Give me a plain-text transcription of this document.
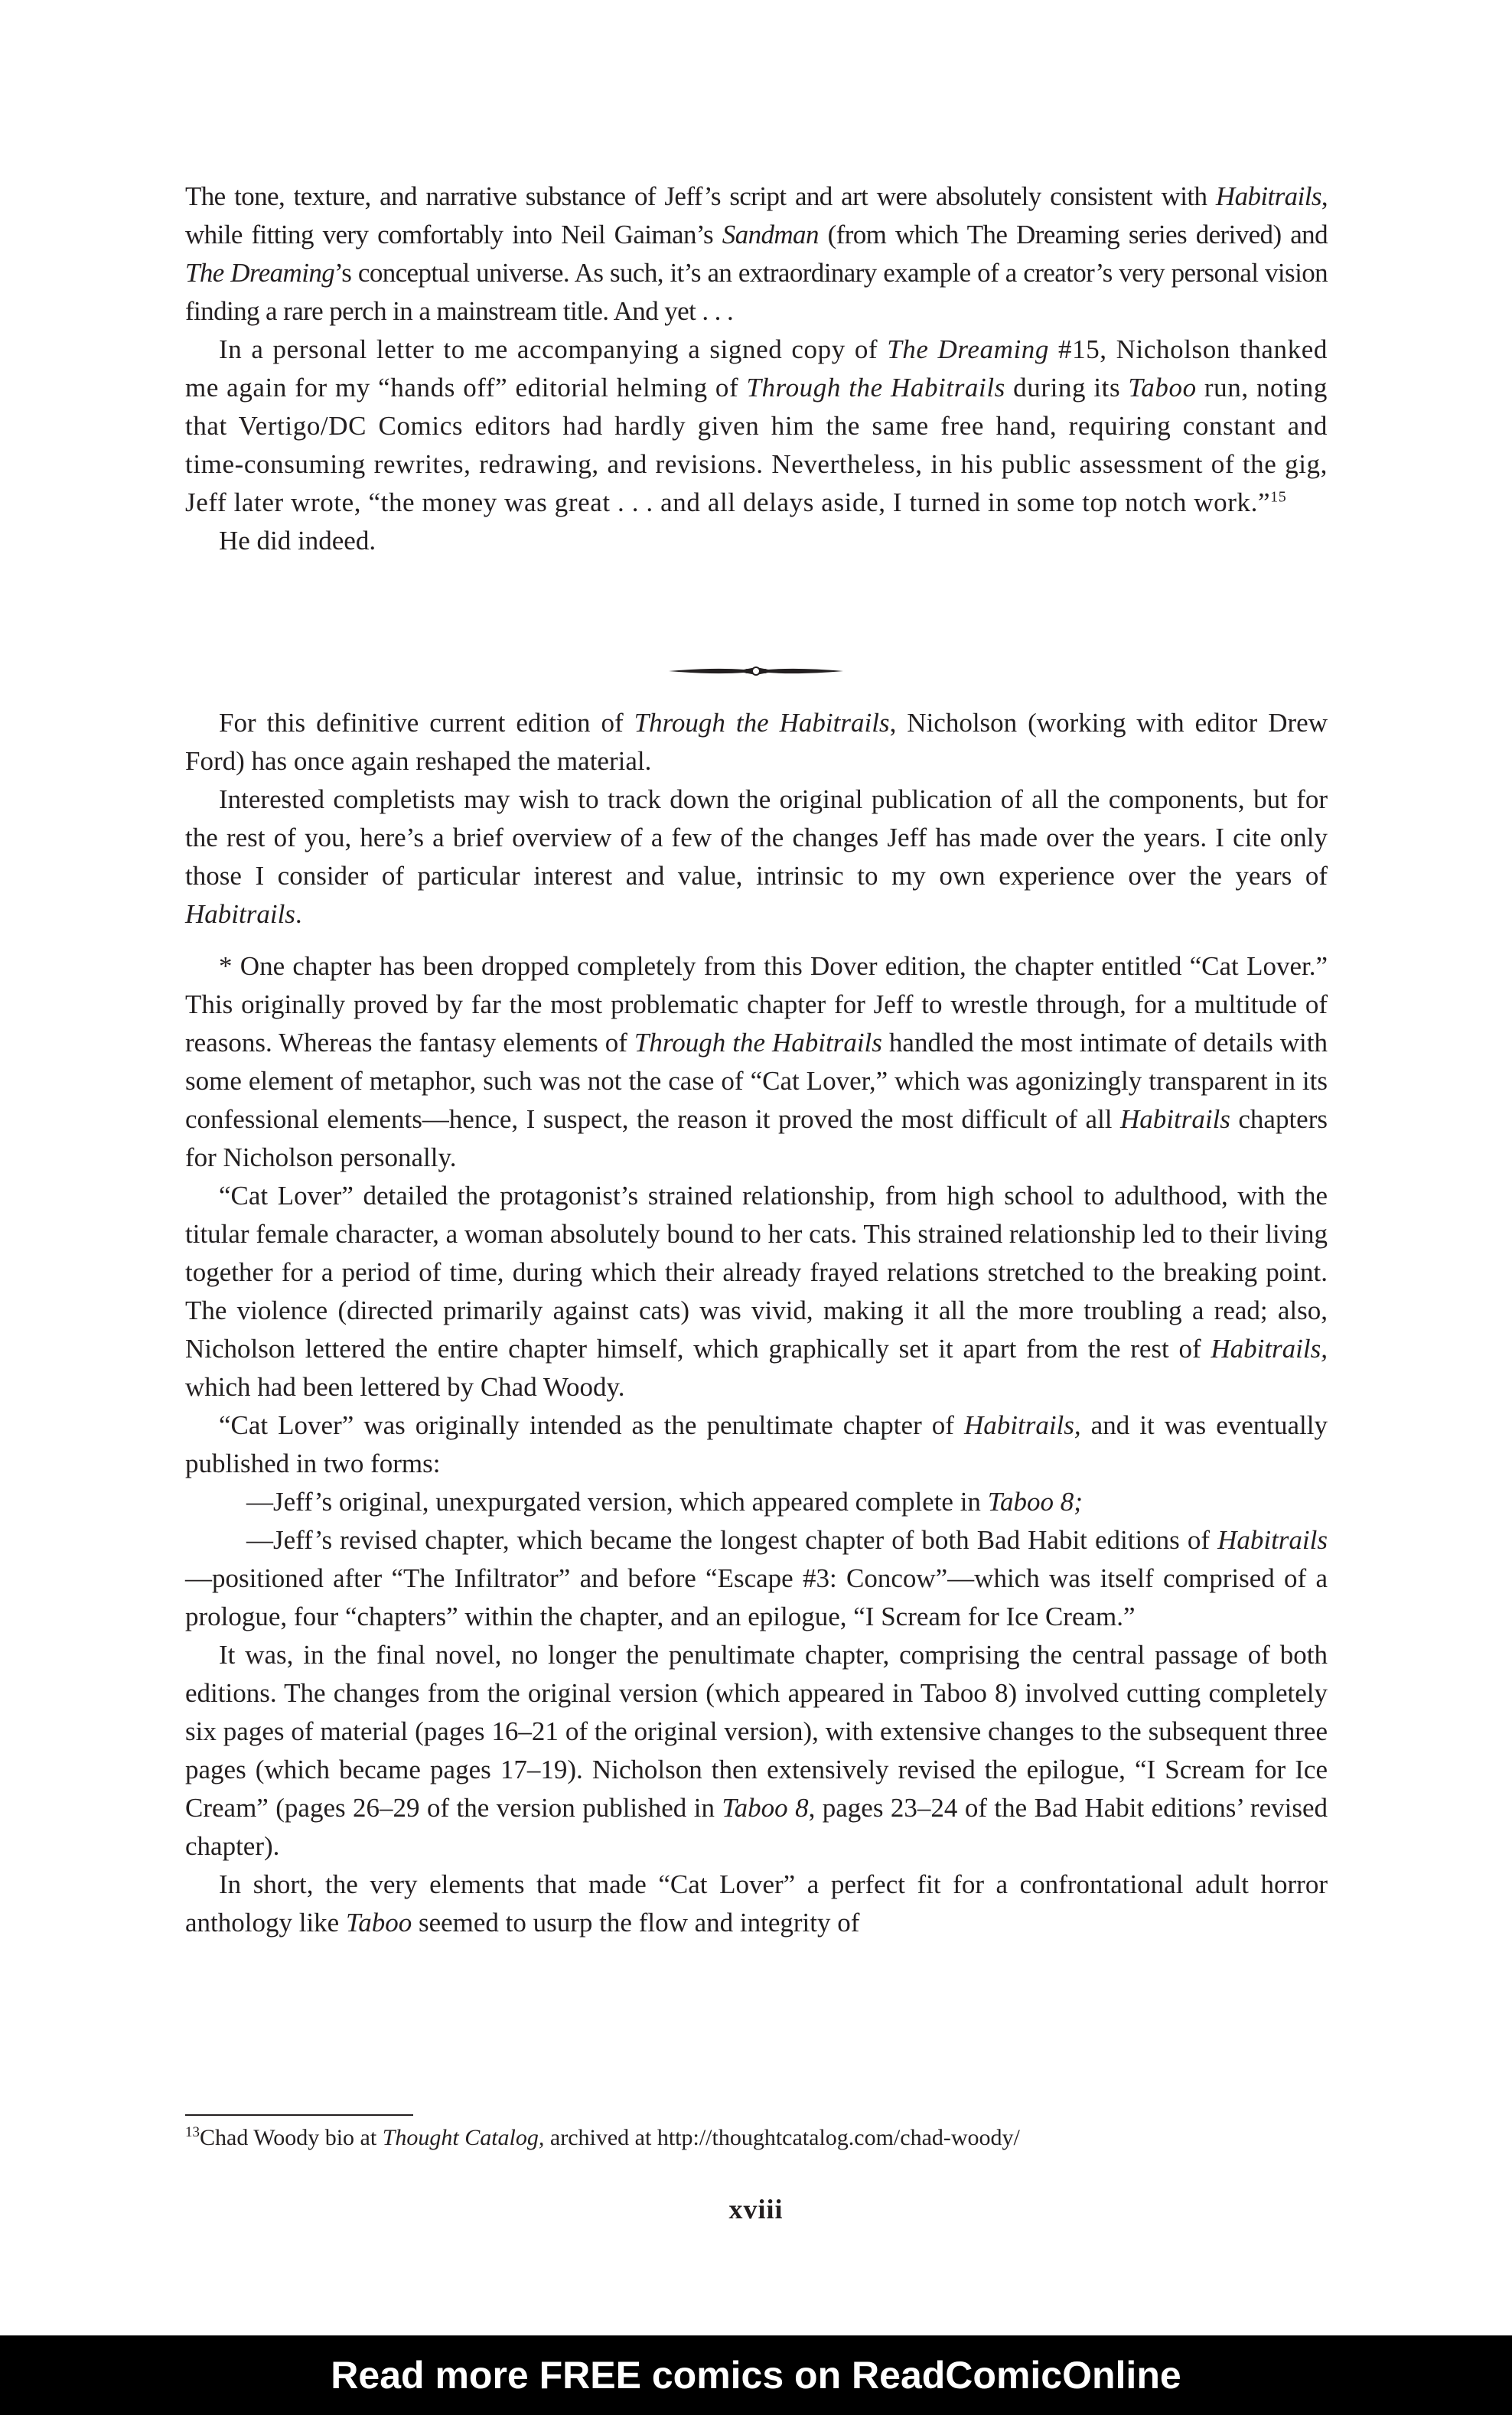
The tone, texture, and narrative substance of Jeff’s script and art were absolutely consistent with Habitrails, while fitting very comfortably into Neil Gaiman’s Sandman (from which The Dreaming series derived) and The Dreaming’s conceptual universe. As such, it’s an extraordinary example of a creator’s very personal vision finding a rare perch in a mainstream title. And yet . . .

In a personal letter to me accompanying a signed copy of The Dreaming #15, Nicholson thanked me again for my “hands off” editorial helming of Through the Habitrails during its Taboo run, noting that Vertigo/DC Comics editors had hardly given him the same free hand, requiring constant and time-consuming rewrites, redrawing, and revisions. Nevertheless, in his public assessment of the gig, Jeff later wrote, “the money was great . . . and all delays aside, I turned in some top notch work.”$^{15}$

He did indeed.

For this definitive current edition of Through the Habitrails, Nicholson (working with editor Drew Ford) has once again reshaped the material.

Interested completists may wish to track down the original publication of all the components, but for the rest of you, here’s a brief overview of a few of the changes Jeff has made over the years. I cite only those I consider of particular interest and value, intrinsic to my own experience over the years of Habitrails.

* One chapter has been dropped completely from this Dover edition, the chapter entitled “Cat Lover.” This originally proved by far the most problematic chapter for Jeff to wrestle through, for a multitude of reasons. Whereas the fantasy elements of Through the Habitrails handled the most intimate of details with some element of metaphor, such was not the case of “Cat Lover,” which was agonizingly transparent in its confessional elements—hence, I suspect, the reason it proved the most difficult of all Habitrails chapters for Nicholson personally.

“Cat Lover” detailed the protagonist’s strained relationship, from high school to adulthood, with the titular female character, a woman absolutely bound to her cats. This strained relationship led to their living together for a period of time, during which their already frayed relations stretched to the breaking point. The violence (directed primarily against cats) was vivid, making it all the more troubling a read; also, Nicholson lettered the entire chapter himself, which graphically set it apart from the rest of Habitrails, which had been lettered by Chad Woody.

“Cat Lover” was originally intended as the penultimate chapter of Habitrails, and it was eventually published in two forms:

—Jeff’s original, unexpurgated version, which appeared complete in Taboo 8;

—Jeff’s revised chapter, which became the longest chapter of both Bad Habit editions of Habitrails—positioned after “The Infiltrator” and before “Escape #3: Concow”—which was itself comprised of a prologue, four “chapters” within the chapter, and an epilogue, “I Scream for Ice Cream.”

It was, in the final novel, no longer the penultimate chapter, comprising the central passage of both editions. The changes from the original version (which appeared in Taboo 8) involved cutting completely six pages of material (pages 16–21 of the original version), with extensive changes to the subsequent three pages (which became pages 17–19). Nicholson then extensively revised the epilogue, “I Scream for Ice Cream” (pages 26–29 of the version published in Taboo 8, pages 23–24 of the Bad Habit editions’ revised chapter).

In short, the very elements that made “Cat Lover” a perfect fit for a confrontational adult horror anthology like Taboo seemed to usurp the flow and integrity of

$^{13}$Chad Woody bio at Thought Catalog, archived at http://thoughtcatalog.com/chad-woody/
xviii
Read more FREE comics on ReadComicOnline
